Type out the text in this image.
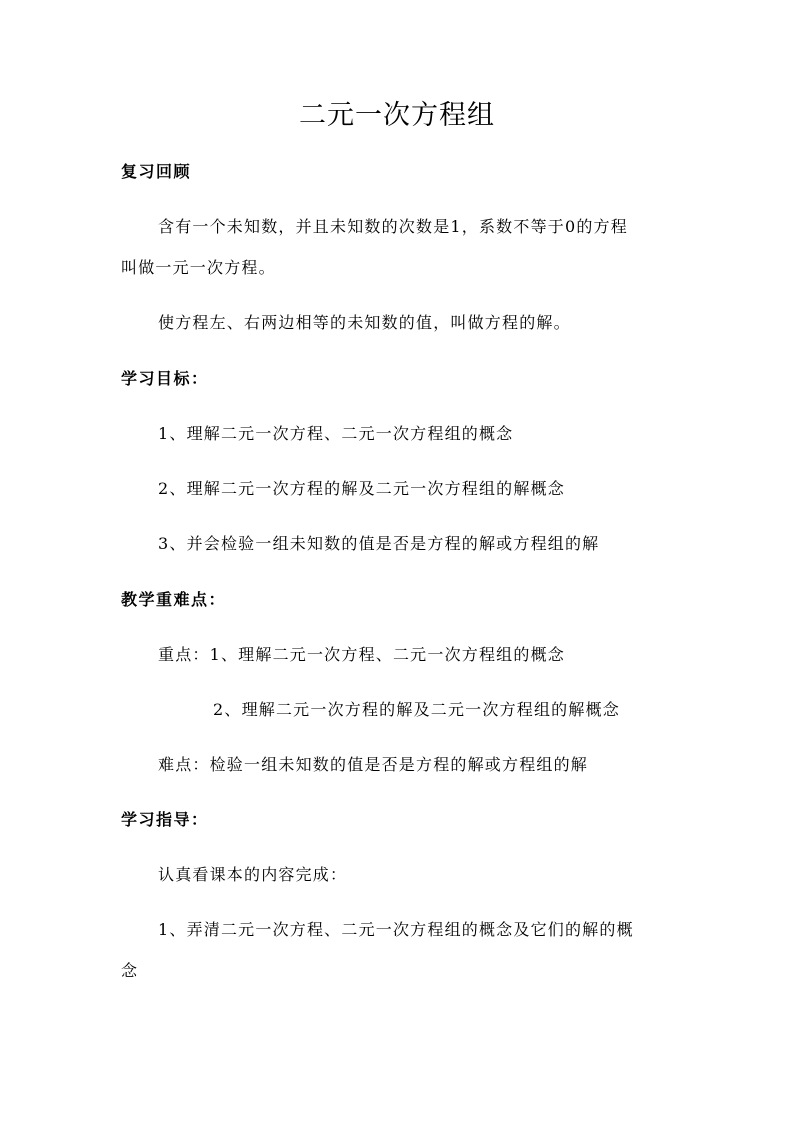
二元一次方程组
复习回顾
含有一个未知数，并且未知数的次数是1，系数不等于0的方程
叫做一元一次方程。
使方程左、右两边相等的未知数的值，叫做方程的解。
学习目标：
1、理解二元一次方程、二元一次方程组的概念
2、理解二元一次方程的解及二元一次方程组的解概念
3、并会检验一组未知数的值是否是方程的解或方程组的解
教学重难点：
重点：1、理解二元一次方程、二元一次方程组的概念
2、理解二元一次方程的解及二元一次方程组的解概念
难点：检验一组未知数的值是否是方程的解或方程组的解
学习指导：
认真看课本的内容完成：
1、弄清二元一次方程、二元一次方程组的概念及它们的解的概
念
